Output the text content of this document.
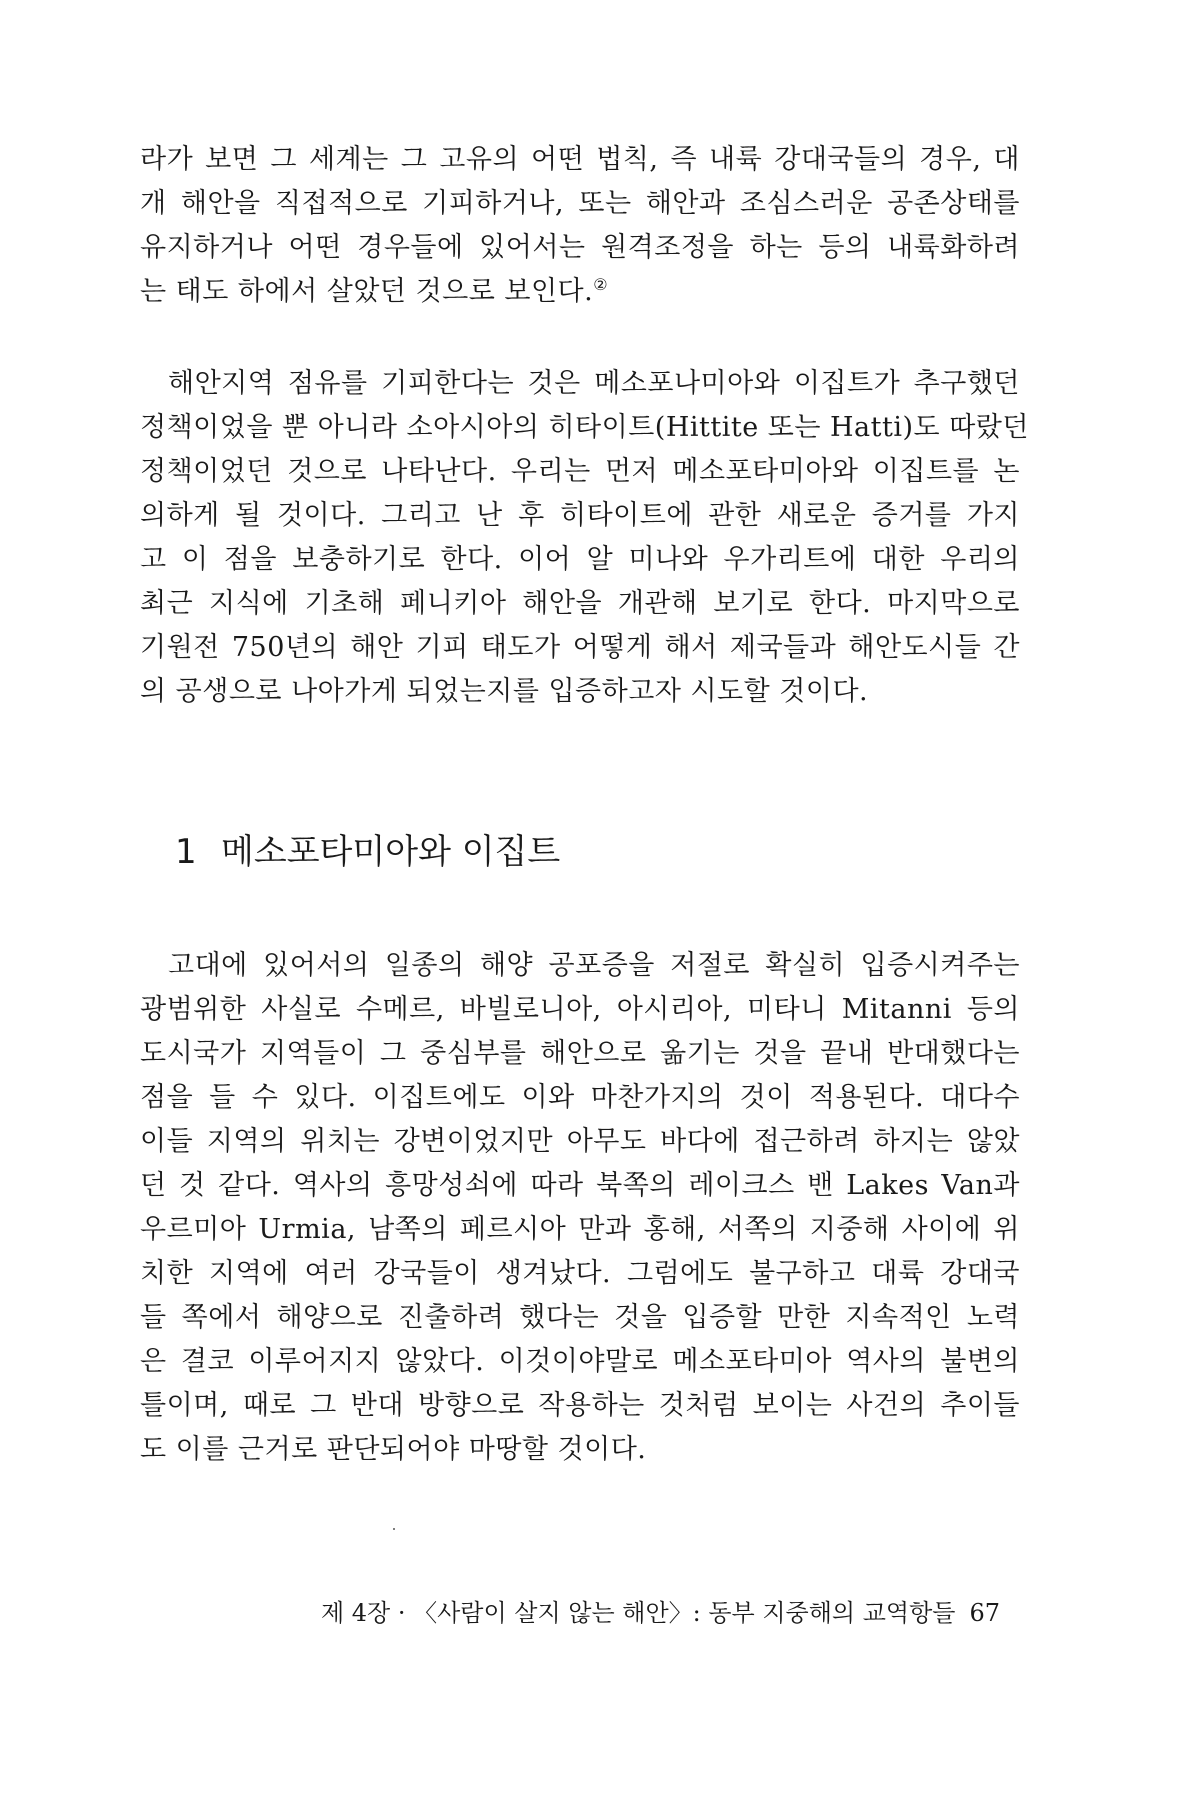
라가 보면 그 세계는 그 고유의 어떤 법칙, 즉 내륙 강대국들의 경우, 대
개 해안을 직접적으로 기피하거나, 또는 해안과 조심스러운 공존상태를
유지하거나 어떤 경우들에 있어서는 원격조정을 하는 등의 내륙화하려
는 태도 하에서 살았던 것으로 보인다.②
해안지역 점유를 기피한다는 것은 메소포나미아와 이집트가 추구했던
정책이었을 뿐 아니라 소아시아의 히타이트(Hittite 또는 Hatti)도 따랐던
정책이었던 것으로 나타난다. 우리는 먼저 메소포타미아와 이집트를 논
의하게 될 것이다. 그리고 난 후 히타이트에 관한 새로운 증거를 가지
고 이 점을 보충하기로 한다. 이어 알 미나와 우가리트에 대한 우리의
최근 지식에 기초해 페니키아 해안을 개관해 보기로 한다. 마지막으로
기원전 750년의 해안 기피 태도가 어떻게 해서 제국들과 해안도시들 간
의 공생으로 나아가게 되었는지를 입증하고자 시도할 것이다.
1 메소포타미아와 이집트
고대에 있어서의 일종의 해양 공포증을 저절로 확실히 입증시켜주는
광범위한 사실로 수메르, 바빌로니아, 아시리아, 미타니 Mitanni 등의
도시국가 지역들이 그 중심부를 해안으로 옮기는 것을 끝내 반대했다는
점을 들 수 있다. 이집트에도 이와 마찬가지의 것이 적용된다. 대다수
이들 지역의 위치는 강변이었지만 아무도 바다에 접근하려 하지는 않았
던 것 같다. 역사의 흥망성쇠에 따라 북쪽의 레이크스 밴 Lakes Van과
우르미아 Urmia, 남쪽의 페르시아 만과 홍해, 서쪽의 지중해 사이에 위
치한 지역에 여러 강국들이 생겨났다. 그럼에도 불구하고 대륙 강대국
들 쪽에서 해양으로 진출하려 했다는 것을 입증할 만한 지속적인 노력
은 결코 이루어지지 않았다. 이것이야말로 메소포타미아 역사의 불변의
틀이며, 때로 그 반대 방향으로 작용하는 것처럼 보이는 사건의 추이들
도 이를 근거로 판단되어야 마땅할 것이다.
제 4장 · 〈사람이 살지 않는 해안〉: 동부 지중해의 교역항들 67
